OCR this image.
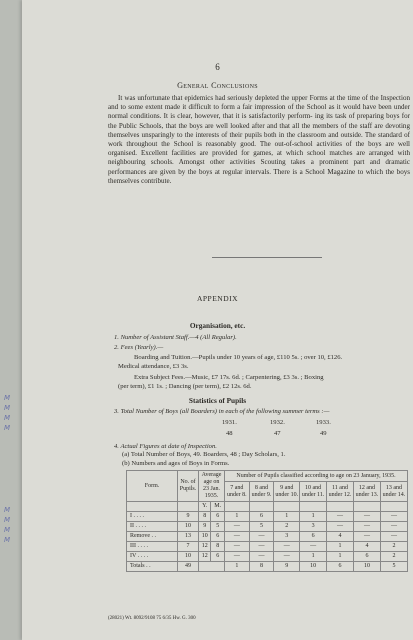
6
General Conclusions
It was unfortunate that epidemics had seriously depleted the upper Forms at the time of the Inspection and to some extent made it difficult to form a fair impression of the School as it would have been under normal conditions. It is clear, however, that it is satisfactorily perform- ing its task of preparing boys for the Public Schools, that the boys are well looked after and that all the members of the staff are devoting themselves unsparingly to the interests of their pupils both in the classroom and outside. The standard of work throughout the School is reasonably good. The out-of-school activities of the boys are well organised. Excellent facilities are provided for games, at which school matches are arranged with neighbouring schools. Amongst other activities Scouting takes a prominent part and dramatic performances are given by the boys at regular intervals. There is a School Magazine to which the boys themselves contribute.
APPENDIX
Organisation, etc.
1. Number of Assistant Staff.—4 (All Regular).
2. Fees (Yearly).—
Boarding and Tuition.—Pupils under 10 years of age, £110 5s. ; over 10, £126.
Medical attendance, £3 3s.
Extra Subject Fees.—Music, £7 17s. 6d. ; Carpentering, £3 3s. ; Boxing
(per term), £1 1s. ; Dancing (per term), £2 12s. 6d.
Statistics of Pupils
3. Total Number of Boys (all Boarders) in each of the following summer terms :—
1931.	1932.	1933.
48	47	49
4. Actual Figures at date of Inspection.
(a) Total Number of Boys, 49. Boarders, 48 ; Day Scholars, 1.
(b) Numbers and ages of Boys in Forms.
Form.	No. of Pupils.	Average age on 23 Jan. 1935.		Number of Pupils classified according to age on 23 January, 1935.						
				7 and under 8.	8 and under 9.	9 and under 10.	10 and under 11.	11 and under 12.	12 and under 13.	13 and under 14.
		Y.	M.							
I . . . .	9	8	6	1	6	1	1	—	—	—
II . . . .	10	9	5	—	5	2	3	—	—	—
Remove . .	13	10	6	—	—	3	6	4	—	—
III . . . .	7	12	8	—	—	—	—	1	4	2
IV . . . .	10	12	6	—	—	—	1	1	6	2
Totals . .	49			1	8	9	10	6	10	5
(28021) Wt. 8092/9108 75 6/35 Hw. G. 300
M
M
M
M
M
M
M
M
